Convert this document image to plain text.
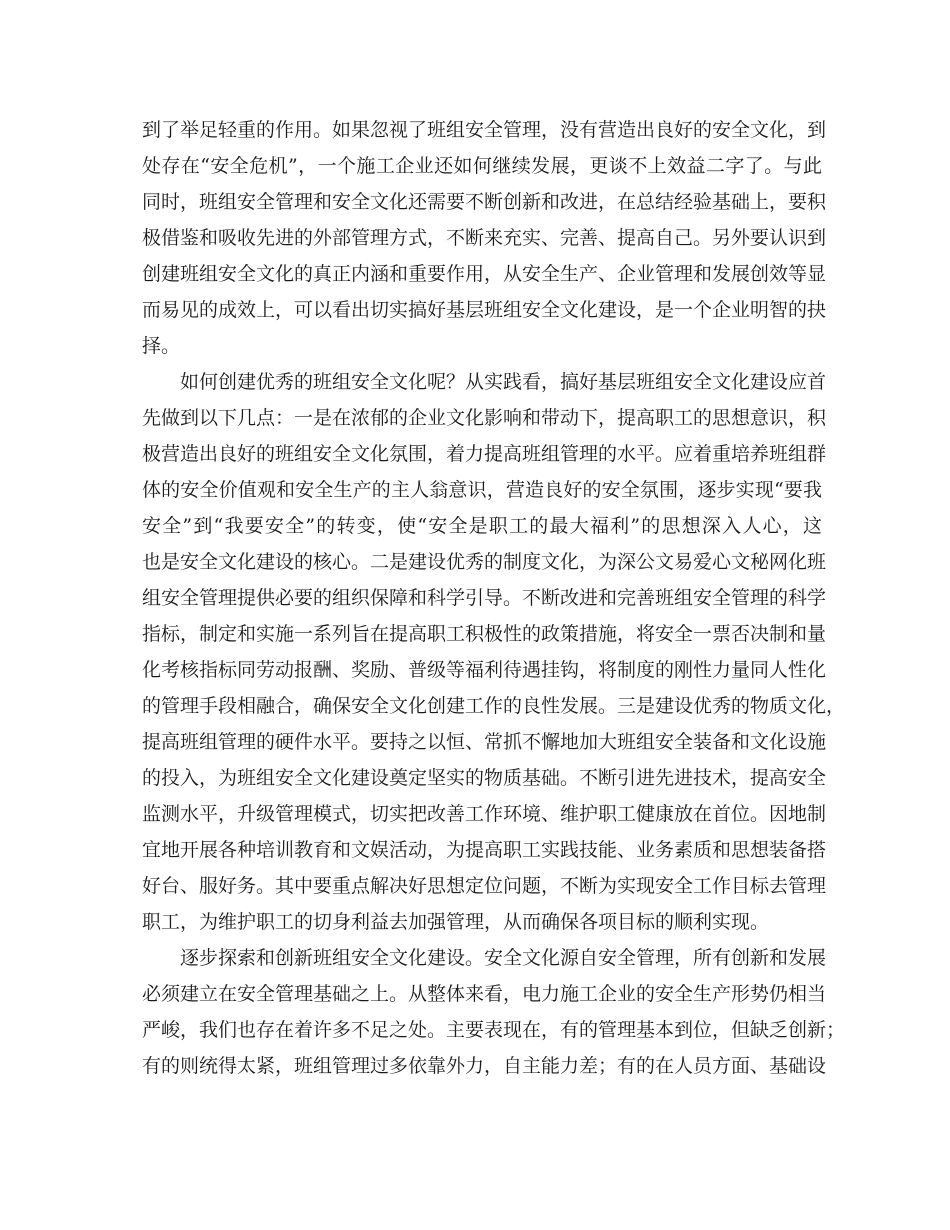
到了举足轻重的作用。如果忽视了班组安全管理，没有营造出良好的安全文化，到
处存在“安全危机”，一个施工企业还如何继续发展，更谈不上效益二字了。与此
同时，班组安全管理和安全文化还需要不断创新和改进，在总结经验基础上，要积
极借鉴和吸收先进的外部管理方式，不断来充实、完善、提高自己。另外要认识到
创建班组安全文化的真正内涵和重要作用，从安全生产、企业管理和发展创效等显
而易见的成效上，可以看出切实搞好基层班组安全文化建设，是一个企业明智的抉
择。

如何创建优秀的班组安全文化呢？从实践看，搞好基层班组安全文化建设应首
先做到以下几点：一是在浓郁的企业文化影响和带动下，提高职工的思想意识，积
极营造出良好的班组安全文化氛围，着力提高班组管理的水平。应着重培养班组群
体的安全价值观和安全生产的主人翁意识，营造良好的安全氛围，逐步实现“要我
安全”到“我要安全”的转变，使“安全是职工的最大福利”的思想深入人心，这
也是安全文化建设的核心。二是建设优秀的制度文化，为深公文易爱心文秘网化班
组安全管理提供必要的组织保障和科学引导。不断改进和完善班组安全管理的科学
指标，制定和实施一系列旨在提高职工积极性的政策措施，将安全一票否决制和量
化考核指标同劳动报酬、奖励、普级等福利待遇挂钩，将制度的刚性力量同人性化
的管理手段相融合，确保安全文化创建工作的良性发展。三是建设优秀的物质文化，
提高班组管理的硬件水平。要持之以恒、常抓不懈地加大班组安全装备和文化设施
的投入，为班组安全文化建设奠定坚实的物质基础。不断引进先进技术，提高安全
监测水平，升级管理模式，切实把改善工作环境、维护职工健康放在首位。因地制
宜地开展各种培训教育和文娱活动，为提高职工实践技能、业务素质和思想装备搭
好台、服好务。其中要重点解决好思想定位问题，不断为实现安全工作目标去管理
职工，为维护职工的切身利益去加强管理，从而确保各项目标的顺利实现。

逐步探索和创新班组安全文化建设。安全文化源自安全管理，所有创新和发展
必须建立在安全管理基础之上。从整体来看，电力施工企业的安全生产形势仍相当
严峻，我们也存在着许多不足之处。主要表现在，有的管理基本到位，但缺乏创新；
有的则统得太紧，班组管理过多依靠外力，自主能力差；有的在人员方面、基础设
